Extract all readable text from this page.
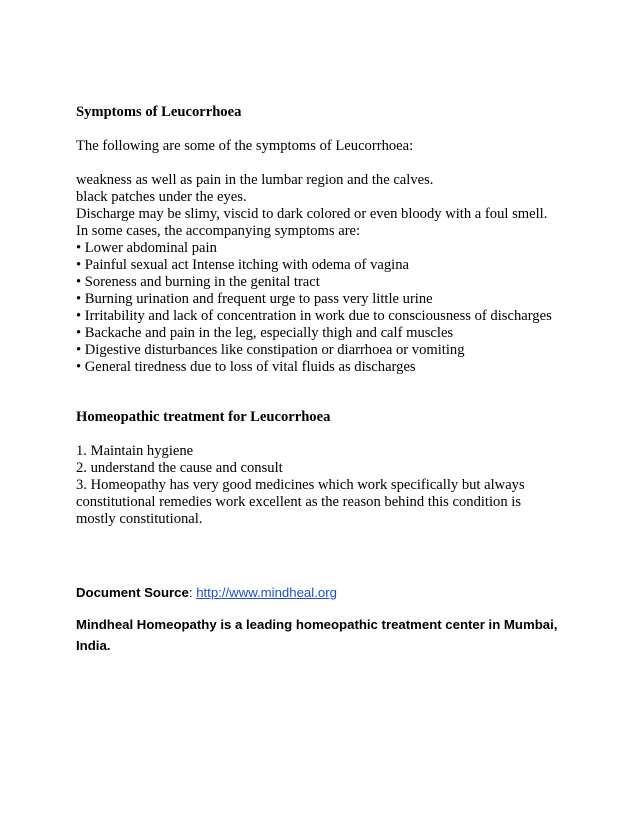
Symptoms of Leucorrhoea

The following are some of the symptoms of Leucorrhoea:

weakness as well as pain in the lumbar region and the calves.
black patches under the eyes.
Discharge may be slimy, viscid to dark colored or even bloody with a foul smell.
In some cases, the accompanying symptoms are:
• Lower abdominal pain
• Painful sexual act Intense itching with odema of vagina
• Soreness and burning in the genital tract
• Burning urination and frequent urge to pass very little urine
• Irritability and lack of concentration in work due to consciousness of discharges
• Backache and pain in the leg, especially thigh and calf muscles
• Digestive disturbances like constipation or diarrhoea or vomiting
• General tiredness due to loss of vital fluids as discharges

Homeopathic treatment for Leucorrhoea

1. Maintain hygiene
2. understand the cause and consult
3. Homeopathy has very good medicines which work specifically but always constitutional remedies work excellent as the reason behind this condition is mostly constitutional.
Document Source: http://www.mindheal.org
Mindheal Homeopathy is a leading homeopathic treatment center in Mumbai, India.
